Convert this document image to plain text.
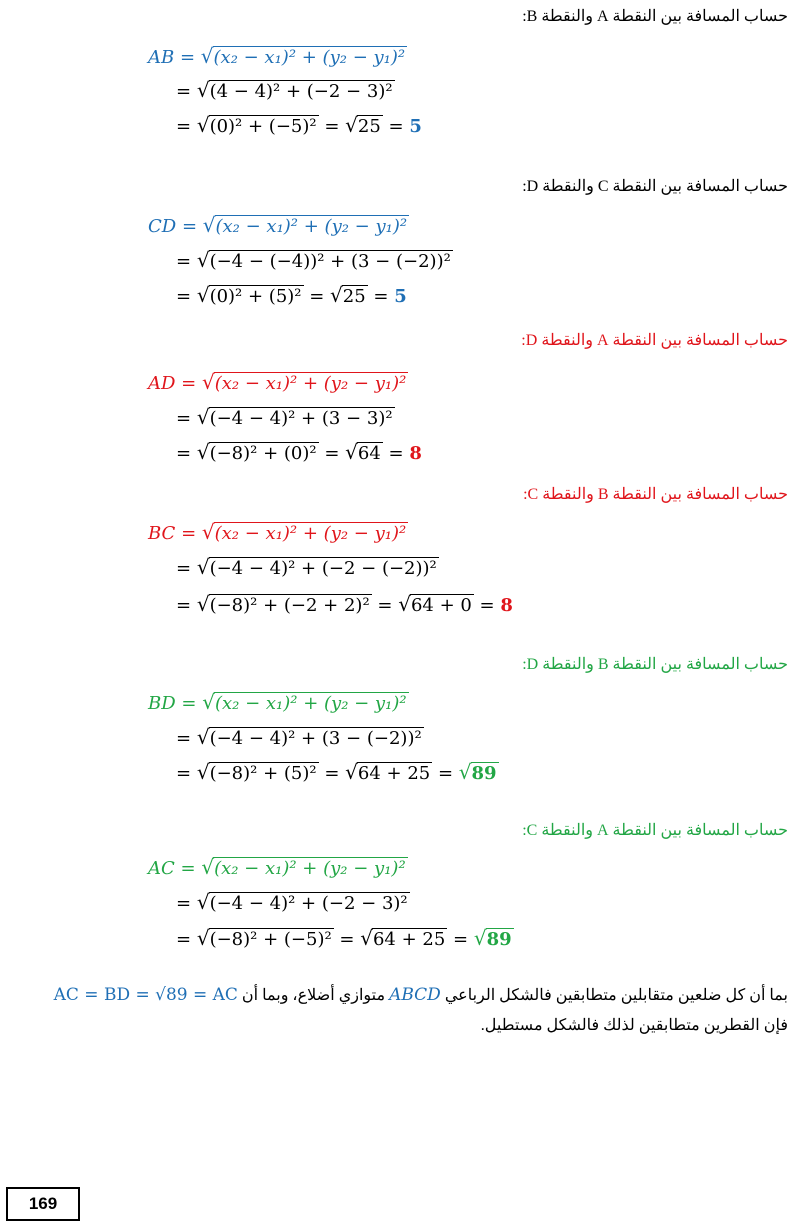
حساب المسافة بين النقطة A والنقطة B:
AB = √(x₂ − x₁)² + (y₂ − y₁)²
= √(4 − 4)² + (−2 − 3)²
= √(0)² + (−5)² = √25 = 5
حساب المسافة بين النقطة C والنقطة D:
CD = √(x₂ − x₁)² + (y₂ − y₁)²
= √(−4 − (−4))² + (3 − (−2))²
= √(0)² + (5)² = √25 = 5
حساب المسافة بين النقطة A والنقطة D:
AD = √(x₂ − x₁)² + (y₂ − y₁)²
= √(−4 − 4)² + (3 − 3)²
= √(−8)² + (0)² = √64 = 8
حساب المسافة بين النقطة B والنقطة C:
BC = √(x₂ − x₁)² + (y₂ − y₁)²
= √(−4 − 4)² + (−2 − (−2))²
= √(−8)² + (−2 + 2)² = √64 + 0 = 8
حساب المسافة بين النقطة B والنقطة D:
BD = √(x₂ − x₁)² + (y₂ − y₁)²
= √(−4 − 4)² + (3 − (−2))²
= √(−8)² + (5)² = √64 + 25 = √89
حساب المسافة بين النقطة A والنقطة C:
AC = √(x₂ − x₁)² + (y₂ − y₁)²
= √(−4 − 4)² + (−2 − 3)²
= √(−8)² + (−5)² = √64 + 25 = √89
بما أن كل ضلعين متقابلين متطابقين فالشكل الرباعي ABCD متوازي أضلاع، وبما أن AC = BD = √89 = AC
فإن القطرين متطابقين لذلك فالشكل مستطيل.
169
